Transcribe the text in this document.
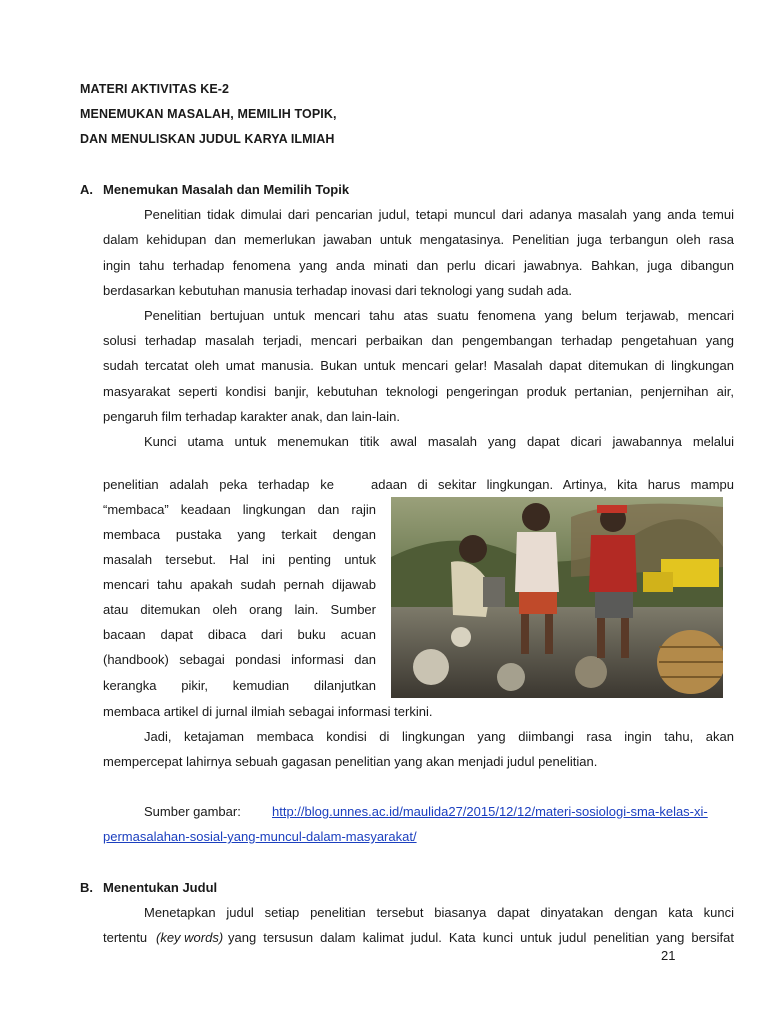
MATERI AKTIVITAS KE-2
MENEMUKAN MASALAH, MEMILIH TOPIK,
DAN MENULISKAN JUDUL KARYA ILMIAH
A. Menemukan Masalah dan Memilih Topik
Penelitian tidak dimulai dari pencarian judul, tetapi muncul dari adanya masalah yang anda temui
dalam kehidupan dan memerlukan jawaban untuk mengatasinya. Penelitian juga terbangun oleh rasa
ingin tahu terhadap fenomena yang anda minati dan perlu dicari jawabnya. Bahkan, juga dibangun
berdasarkan kebutuhan manusia terhadap inovasi dari teknologi yang sudah ada.
Penelitian bertujuan untuk mencari tahu atas suatu fenomena yang belum terjawab, mencari
solusi terhadap masalah terjadi, mencari perbaikan dan pengembangan terhadap pengetahuan yang
sudah tercatat oleh umat manusia. Bukan untuk mencari gelar! Masalah dapat ditemukan di lingkungan
masyarakat seperti kondisi banjir, kebutuhan teknologi pengeringan produk pertanian, penjernihan air,
pengaruh film terhadap karakter anak, dan lain-lain.
Kunci utama untuk menemukan titik awal masalah yang dapat dicari jawabannya melalui
penelitian adalah peka terhadap ke	adaan di sekitar lingkungan. Artinya, kita harus mampu
“membaca” keadaan lingkungan dan rajin
membaca pustaka yang terkait dengan
masalah tersebut. Hal ini penting untuk
mencari tahu apakah sudah pernah dijawab
atau ditemukan oleh orang lain. Sumber
bacaan dapat dibaca dari buku acuan
(handbook) sebagai pondasi informasi dan
kerangka pikir, kemudian dilanjutkan
membaca artikel di jurnal ilmiah sebagai informasi terkini.
Jadi, ketajaman membaca kondisi di lingkungan yang diimbangi rasa ingin tahu, akan
mempercepat lahirnya sebuah gagasan penelitian yang akan menjadi judul penelitian.
Sumber gambar: http://blog.unnes.ac.id/maulida27/2015/12/12/materi-sosiologi-sma-kelas-xi-
permasalahan-sosial-yang-muncul-dalam-masyarakat/
B. Menentukan Judul
Menetapkan judul setiap penelitian tersebut biasanya dapat dinyatakan dengan kata kunci
tertentu (key words) yang tersusun dalam kalimat judul. Kata kunci untuk judul penelitian yang bersifat
21
